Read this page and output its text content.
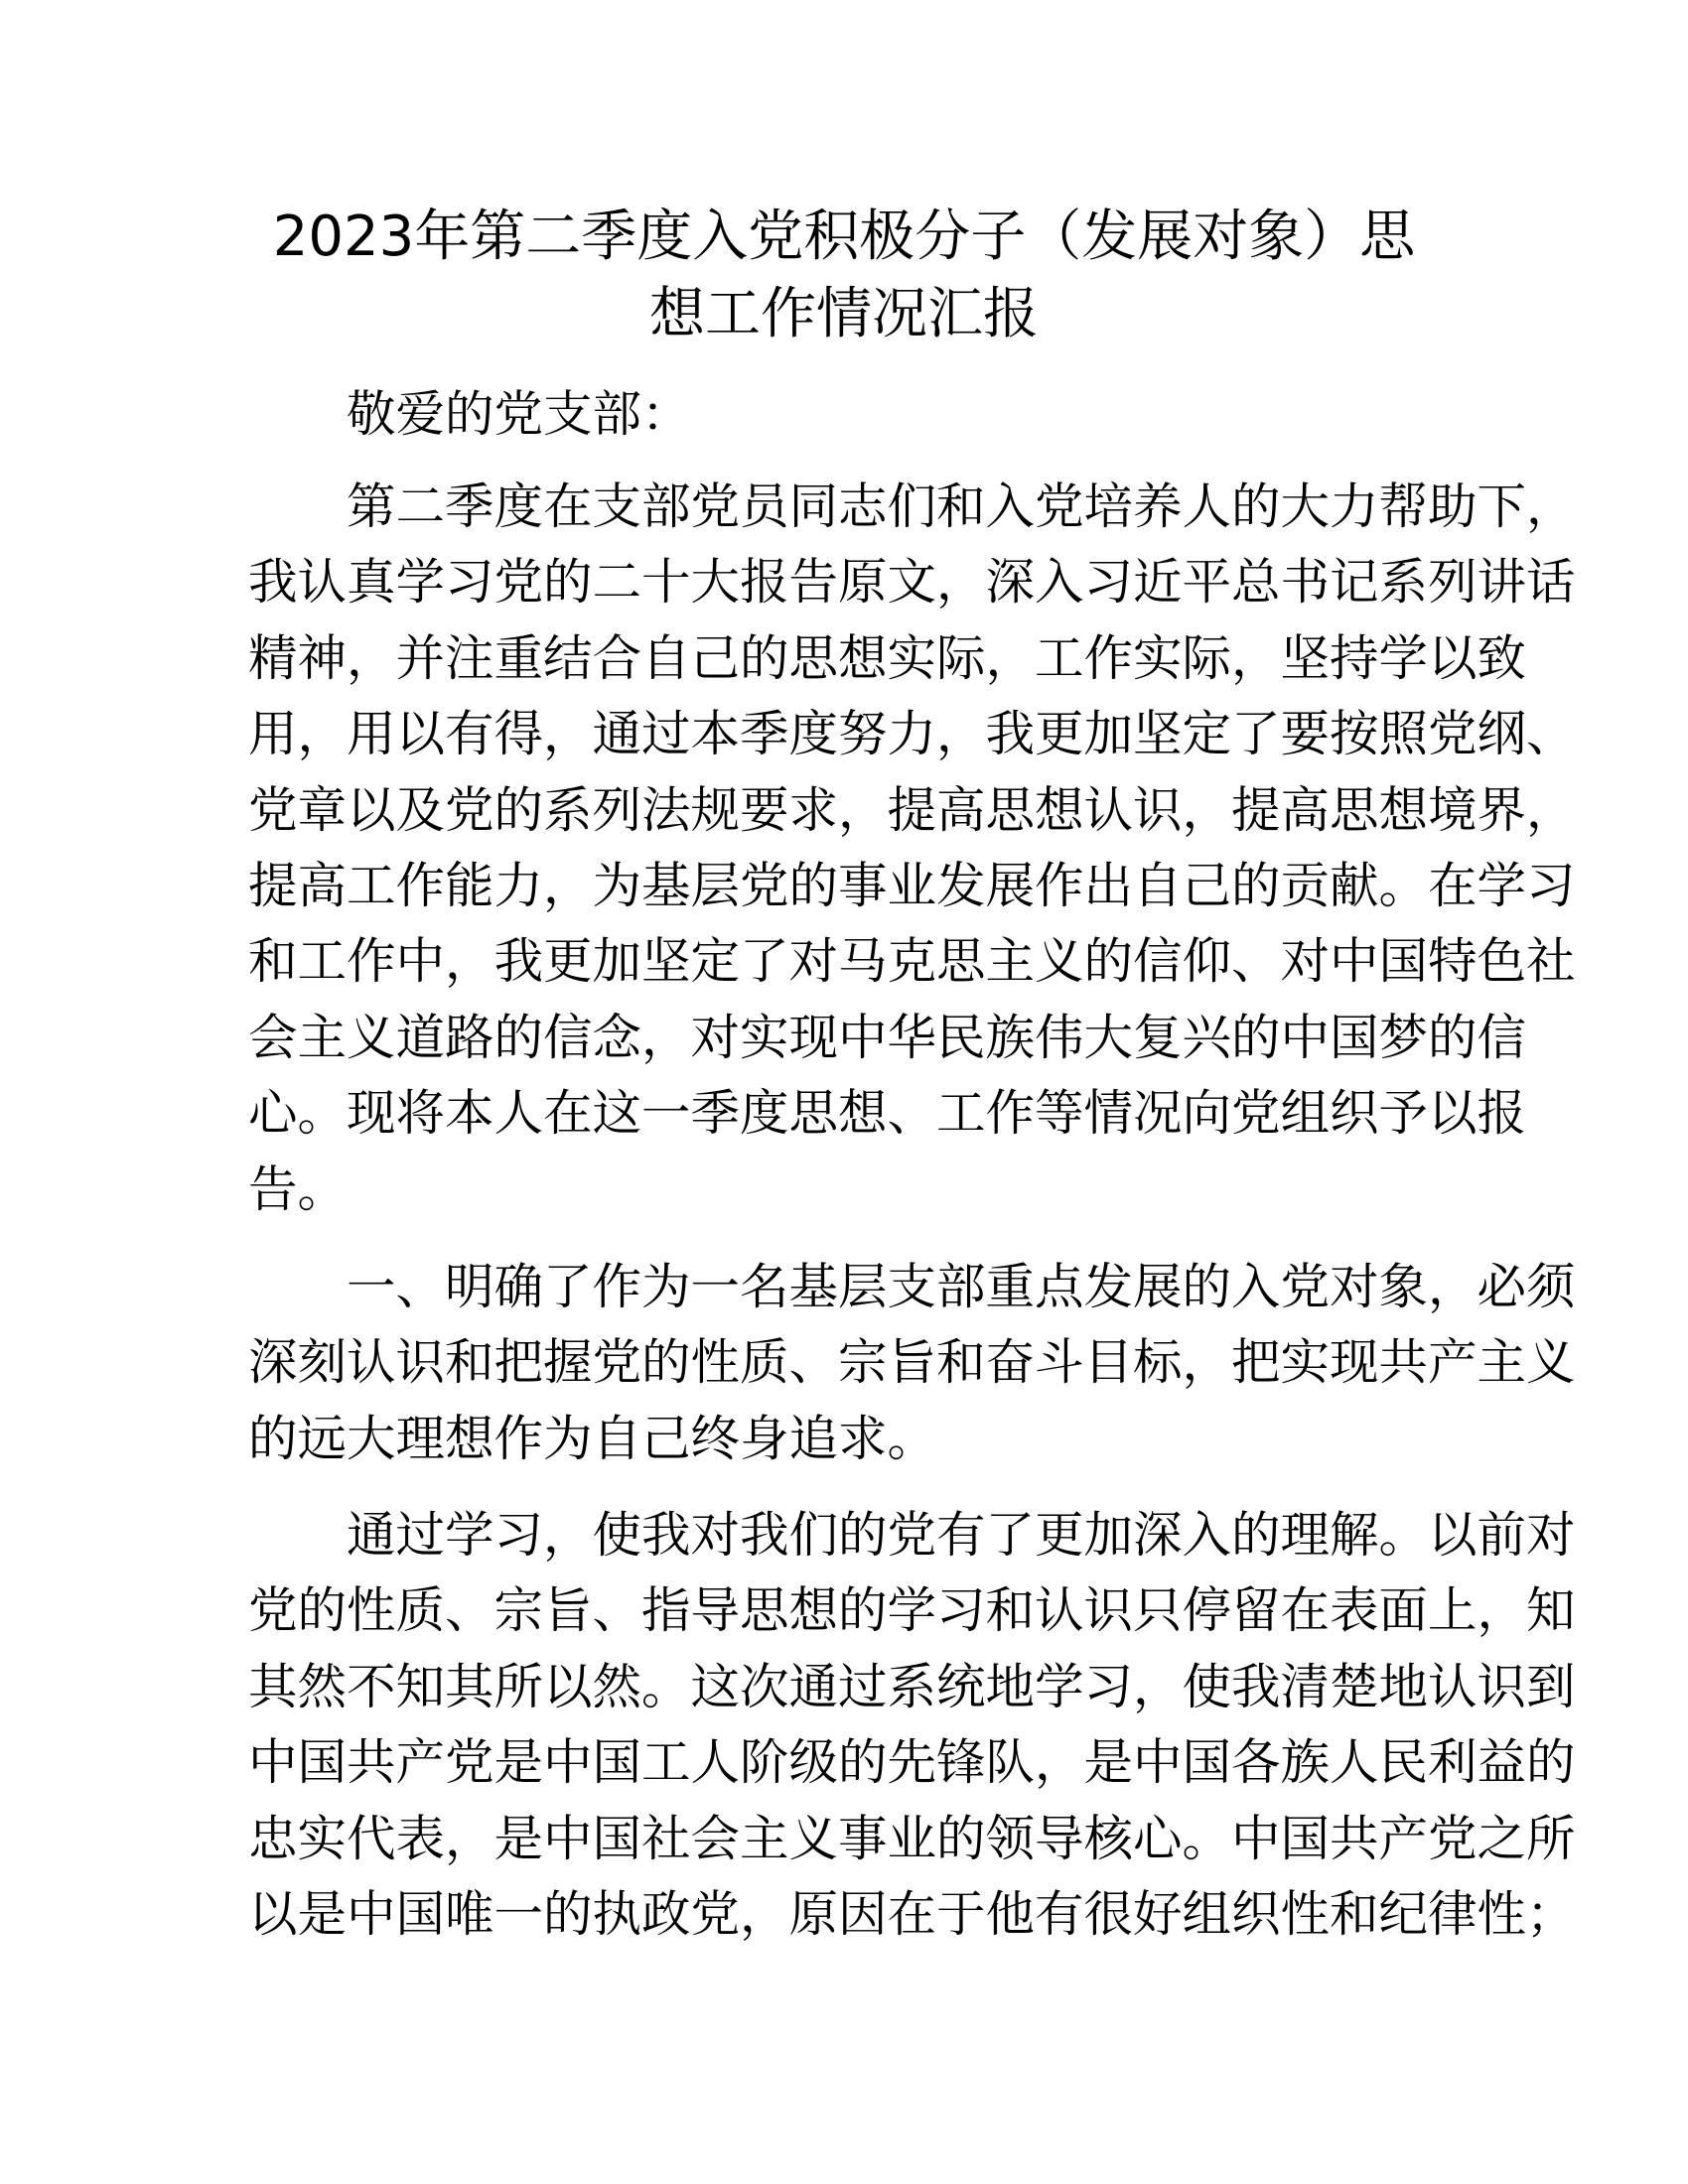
2023年第二季度入党积极分子（发展对象）思
想工作情况汇报
敬爱的党支部：
第二季度在支部党员同志们和入党培养人的大力帮助下，
我认真学习党的二十大报告原文，深入习近平总书记系列讲话
精神，并注重结合自己的思想实际，工作实际，坚持学以致
用，用以有得，通过本季度努力，我更加坚定了要按照党纲、
党章以及党的系列法规要求，提高思想认识，提高思想境界，
提高工作能力，为基层党的事业发展作出自己的贡献。在学习
和工作中，我更加坚定了对马克思主义的信仰、对中国特色社
会主义道路的信念，对实现中华民族伟大复兴的中国梦的信
心。现将本人在这一季度思想、工作等情况向党组织予以报
告。
一、明确了作为一名基层支部重点发展的入党对象，必须
深刻认识和把握党的性质、宗旨和奋斗目标，把实现共产主义
的远大理想作为自己终身追求。
通过学习，使我对我们的党有了更加深入的理解。以前对
党的性质、宗旨、指导思想的学习和认识只停留在表面上，知
其然不知其所以然。这次通过系统地学习，使我清楚地认识到
中国共产党是中国工人阶级的先锋队，是中国各族人民利益的
忠实代表，是中国社会主义事业的领导核心。中国共产党之所
以是中国唯一的执政党，原因在于他有很好组织性和纪律性；
